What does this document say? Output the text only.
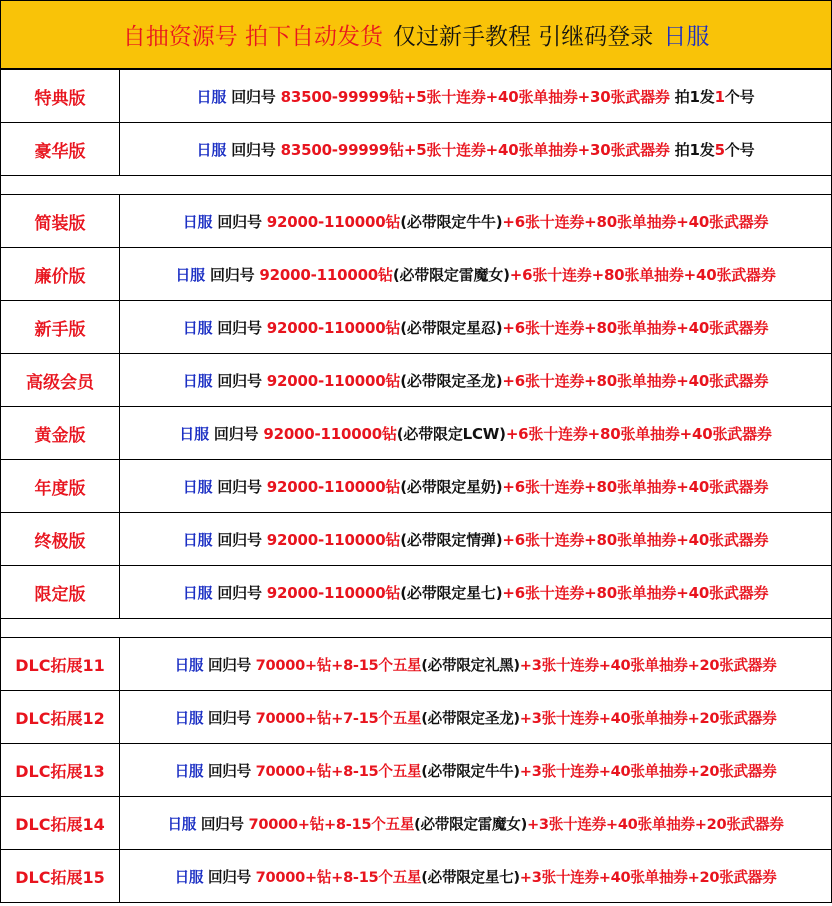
自抽资源号 拍下自动发货 仅过新手教程 引继码登录 日服
特典版	日服 回归号 83500-99999钻+5张十连券+40张单抽券+30张武器券 拍1发1个号
豪华版	日服 回归号 83500-99999钻+5张十连券+40张单抽券+30张武器券 拍1发5个号

简装版	日服 回归号 92000-110000钻(必带限定牛牛)+6张十连券+80张单抽券+40张武器券
廉价版	日服 回归号 92000-110000钻(必带限定雷魔女)+6张十连券+80张单抽券+40张武器券
新手版	日服 回归号 92000-110000钻(必带限定星忍)+6张十连券+80张单抽券+40张武器券
高级会员	日服 回归号 92000-110000钻(必带限定圣龙)+6张十连券+80张单抽券+40张武器券
黄金版	日服 回归号 92000-110000钻(必带限定LCW)+6张十连券+80张单抽券+40张武器券
年度版	日服 回归号 92000-110000钻(必带限定星奶)+6张十连券+80张单抽券+40张武器券
终极版	日服 回归号 92000-110000钻(必带限定情弹)+6张十连券+80张单抽券+40张武器券
限定版	日服 回归号 92000-110000钻(必带限定星七)+6张十连券+80张单抽券+40张武器券

DLC拓展11	日服 回归号 70000+钻+8-15个五星(必带限定礼黑)+3张十连券+40张单抽券+20张武器券
DLC拓展12	日服 回归号 70000+钻+7-15个五星(必带限定圣龙)+3张十连券+40张单抽券+20张武器券
DLC拓展13	日服 回归号 70000+钻+8-15个五星(必带限定牛牛)+3张十连券+40张单抽券+20张武器券
DLC拓展14	日服 回归号 70000+钻+8-15个五星(必带限定雷魔女)+3张十连券+40张单抽券+20张武器券
DLC拓展15	日服 回归号 70000+钻+8-15个五星(必带限定星七)+3张十连券+40张单抽券+20张武器券
